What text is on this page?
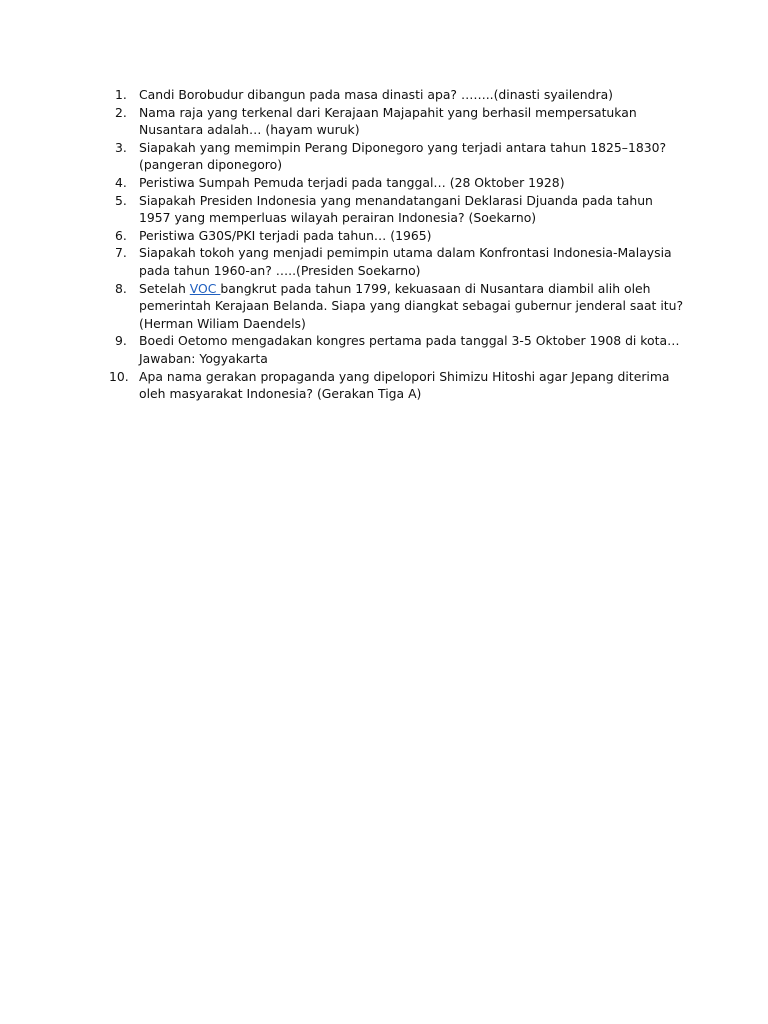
1. Candi Borobudur dibangun pada masa dinasti apa? ……..(dinasti syailendra)
2. Nama raja yang terkenal dari Kerajaan Majapahit yang berhasil mempersatukan Nusantara adalah… (hayam wuruk)
3. Siapakah yang memimpin Perang Diponegoro yang terjadi antara tahun 1825–1830? (pangeran diponegoro)
4. Peristiwa Sumpah Pemuda terjadi pada tanggal… (28 Oktober 1928)
5. Siapakah Presiden Indonesia yang menandatangani Deklarasi Djuanda pada tahun 1957 yang memperluas wilayah perairan Indonesia? (Soekarno)
6. Peristiwa G30S/PKI terjadi pada tahun… (1965)
7. Siapakah tokoh yang menjadi pemimpin utama dalam Konfrontasi Indonesia-Malaysia pada tahun 1960-an? …..(Presiden Soekarno)
8. Setelah VOC bangkrut pada tahun 1799, kekuasaan di Nusantara diambil alih oleh pemerintah Kerajaan Belanda. Siapa yang diangkat sebagai gubernur jenderal saat itu? (Herman Wiliam Daendels)
9. Boedi Oetomo mengadakan kongres pertama pada tanggal 3-5 Oktober 1908 di kota… Jawaban: Yogyakarta
10. Apa nama gerakan propaganda yang dipelopori Shimizu Hitoshi agar Jepang diterima oleh masyarakat Indonesia? (Gerakan Tiga A)
